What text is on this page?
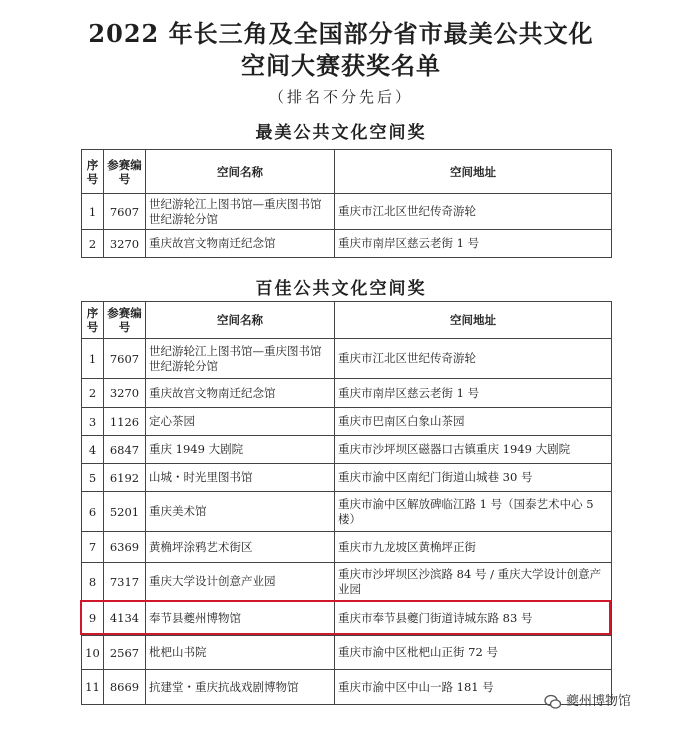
2022 年长三角及全国部分省市最美公共文化
空间大赛获奖名单
（排名不分先后）
最美公共文化空间奖
序号	参赛编号	空间名称	空间地址
1	7607	世纪游轮江上图书馆—重庆图书馆世纪游轮分馆	重庆市江北区世纪传奇游轮
2	3270	重庆故宫文物南迁纪念馆	重庆市南岸区慈云老街 1 号
百佳公共文化空间奖
序号	参赛编号	空间名称	空间地址
1	7607	世纪游轮江上图书馆—重庆图书馆世纪游轮分馆	重庆市江北区世纪传奇游轮
2	3270	重庆故宫文物南迁纪念馆	重庆市南岸区慈云老街 1 号
3	1126	定心茶园	重庆市巴南区白象山茶园
4	6847	重庆 1949 大剧院	重庆市沙坪坝区磁器口古镇重庆 1949 大剧院
5	6192	山城・时光里图书馆	重庆市渝中区南纪门街道山城巷 30 号
6	5201	重庆美术馆	重庆市渝中区解放碑临江路 1 号（国泰艺术中心 5 楼）
7	6369	黄桷坪涂鸦艺术街区	重庆市九龙坡区黄桷坪正街
8	7317	重庆大学设计创意产业园	重庆市沙坪坝区沙滨路 84 号 / 重庆大学设计创意产业园
9	4134	奉节县夔州博物馆	重庆市奉节县夔门街道诗城东路 83 号
10	2567	枇杷山书院	重庆市渝中区枇杷山正街 72 号
11	8669	抗建堂・重庆抗战戏剧博物馆	重庆市渝中区中山一路 181 号
夔州博物馆
